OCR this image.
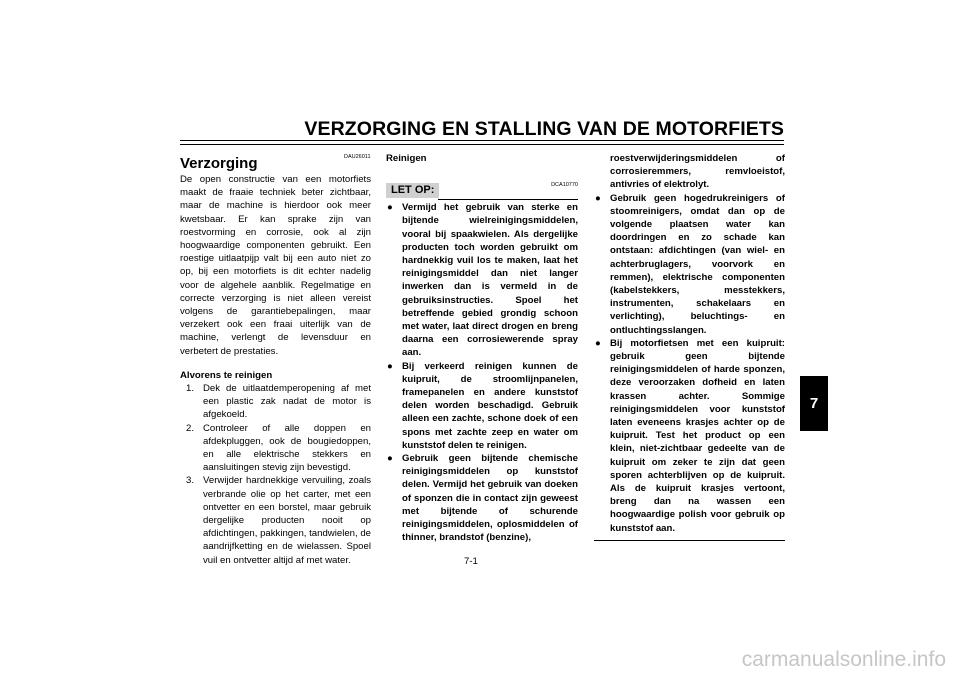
VERZORGING EN STALLING VAN DE MOTORFIETS
DAU26011
Verzorging

De open constructie van een motorfiets maakt de fraaie techniek beter zichtbaar, maar de machine is hierdoor ook meer kwetsbaar. Er kan sprake zijn van roestvorming en corrosie, ook al zijn hoogwaardige componenten gebruikt. Een roestige uitlaatpijp valt bij een auto niet zo op, bij een motorfiets is dit echter nadelig voor de algehele aanblik. Regelmatige en correcte verzorging is niet alleen vereist volgens de garantiebepalingen, maar verzekert ook een fraai uiterlijk van de machine, verlengt de levensduur en verbetert de prestaties.

Alvorens te reinigen

1. Dek de uitlaatdemperopening af met een plastic zak nadat de motor is afgekoeld.
2. Controleer of alle doppen en afdekpluggen, ook de bougiedoppen, en alle elektrische stekkers en aansluitingen stevig zijn bevestigd.
3. Verwijder hardnekkige vervuiling, zoals verbrande olie op het carter, met een ontvetter en een borstel, maar gebruik dergelijke producten nooit op afdichtingen, pakkingen, tandwielen, de aandrijfketting en de wielassen. Spoel vuil en ontvetter altijd af met water.

Reinigen

DCA10770
LET OP:
● Vermijd het gebruik van sterke en bijtende wielreinigingsmiddelen, vooral bij spaakwielen. Als dergelijke producten toch worden gebruikt om hardnekkig vuil los te maken, laat het reinigingsmiddel dan niet langer inwerken dan is vermeld in de gebruiksinstructies. Spoel het betreffende gebied grondig schoon met water, laat direct drogen en breng daarna een corrosiewerende spray aan.
● Bij verkeerd reinigen kunnen de kuipruit, de stroomlijnpanelen, framepanelen en andere kunststof delen worden beschadigd. Gebruik alleen een zachte, schone doek of een spons met zachte zeep en water om kunststof delen te reinigen.
● Gebruik geen bijtende chemische reinigingsmiddelen op kunststof delen. Vermijd het gebruik van doeken of sponzen die in contact zijn geweest met bijtende of schurende reinigingsmiddelen, oplosmiddelen of thinner, brandstof (benzine),

roestverwijderingsmiddelen of corrosieremmers, remvloeistof, antivries of elektrolyt.

● Gebruik geen hogedrukreinigers of stoomreinigers, omdat dan op de volgende plaatsen water kan doordringen en zo schade kan ontstaan: afdichtingen (van wiel- en achterbruglagers, voorvork en remmen), elektrische componenten (kabelstekkers, messtekkers, instrumenten, schakelaars en verlichting), beluchtings- en ontluchtingsslangen.
● Bij motorfietsen met een kuipruit: gebruik geen bijtende reinigingsmiddelen of harde sponzen, deze veroorzaken dofheid en laten krassen achter. Sommige reinigingsmiddelen voor kunststof laten eveneens krasjes achter op de kuipruit. Test het product op een klein, niet-zichtbaar gedeelte van de kuipruit om zeker te zijn dat geen sporen achterblijven op de kuipruit. Als de kuipruit krasjes vertoont, breng dan na wassen een hoogwaardige polish voor gebruik op kunststof aan.
7
7-1
carmanualsonline.info
